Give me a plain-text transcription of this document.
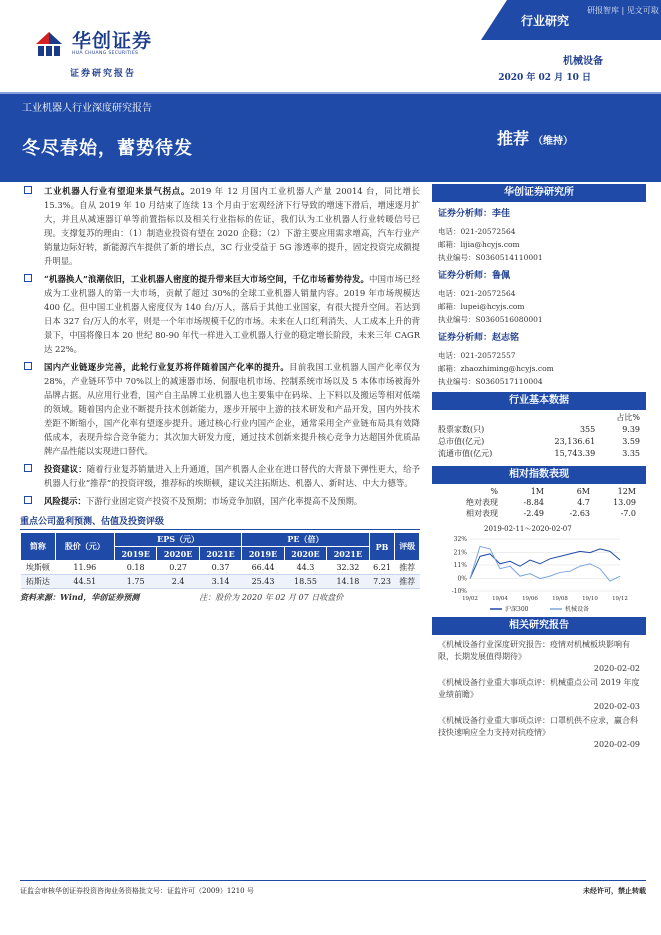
华创证券
HUA CHUANG SECURITIES
证券研究报告
行业研究
研报智库 | 见文可取
机械设备
2020 年 02 月 10 日
工业机器人行业深度研究报告
冬尽春始，蓄势待发	推荐 （维持）
工业机器人行业有望迎来景气拐点。2019 年 12 月国内工业机器人产量 20014 台，同比增长 15.3%。自从 2019 年 10 月结束了连续 13 个月由于宏观经济下行导致的增速下滑后，增速逐月扩大，并且从减速器订单等前置指标以及相关行业指标的佐证，我们认为工业机器人行业转暖信号已现。支撑复苏的理由：（1）制造业投资有望在 2020 企稳；（2）下游主要应用需求增高，汽车行业产销量边际好转，新能源汽车提供了新的增长点，3C 行业受益于 5G 渗透率的提升，固定投资完成额提升明显。
“机器换人”浪潮依旧，工业机器人密度的提升带来巨大市场空间，千亿市场蓄势待发。中国市场已经成为工业机器人的第一大市场，贡献了超过 30%的全球工业机器人销量内容。2019 年市场规模达 400 亿。但中国工业机器人密度仅为 140 台/万人，落后于其他工业国家，有很大提升空间。若达到日本 327 台/万人的水平，则是一个年市场规模千亿的市场。未来在人口红利消失、人工成本上升的背景下，中国将像日本 20 世纪 80-90 年代一样进入工业机器人行业的稳定增长阶段，未来三年 CAGR 达 22%。
国内产业链逐步完善，此轮行业复苏将伴随着国产化率的提升。目前我国工业机器人国产化率仅为 28%，产业链环节中 70%以上的减速器市场、伺服电机市场、控制系统市场以及 5 本体市场被海外品牌占据。从应用行业看，国产自主品牌工业机器人也主要集中在码垛、上下料以及搬运等相对低端的领域。随着国内企业不断提升技术创新能力，逐步开展中上游的技术研发和产品开发，国内外技术差距不断缩小，国产化率有望逐步提升。通过核心行业内国产企业，通常采用全产业链布局具有效降低成本，表现升综合竞争能力；其次加大研发力度，通过技术创新来提升核心竞争力达超国外优质品牌产品性能以实现进口替代。
投资建议：随着行业复苏销量进入上升通道，国产机器人企业在进口替代的大背景下弹性更大，给予机器人行业“推荐”的投资评级，推荐标的埃斯顿，建议关注拓斯达、机器人、新时达、中大力德等。
风险提示：下游行业固定资产投资不及预期；市场竞争加剧，国产化率提高不及预期。
重点公司盈利预测、估值及投资评级
简称	股价（元）	EPS（元）			PE（倍）			PB	评级
		2019E	2020E	2021E	2019E	2020E	2021E		
埃斯顿	11.96	0.18	0.27	0.37	66.44	44.3	32.32	6.21	推荐
拓斯达	44.51	1.75	2.4	3.14	25.43	18.55	14.18	7.23	推荐
资料来源：Wind，华创证券预测	注：股价为 2020 年 02 月 07 日收盘价
华创证券研究所
证券分析师：李佳
电话：021-20572564
邮箱：lijia@hcyjs.com
执业编号：S0360514110001
证券分析师：鲁佩
电话：021-20572564
邮箱：lupei@hcyjs.com
执业编号：S0360516080001
证券分析师：赵志铭
电话：021-20572557
邮箱：zhaozhiming@hcyjs.com
执业编号：S0360517110004
行业基本数据
占比%
股票家数(只)	355	9.39
总市值(亿元)	23,136.61	3.59
流通市值(亿元)	15,743.39	3.35
相对指数表现
%	1M	6M	12M
绝对表现	-8.84	4.7	13.09
相对表现	-2.49	-2.63	-7.0
2019-02-11～2020-02-07
32%
21%
11%
0%
-10%
19/02	19/04	19/06	19/08	19/10	19/12
沪深300	机械设备
相关研究报告
《机械设备行业深度研究报告：疫情对机械板块影响有限，长期发展值得期待》
2020-02-02
《机械设备行业重大事项点评：机械重点公司 2019 年度业绩前瞻》
2020-02-03
《机械设备行业重大事项点评：口罩机供不应求，赢合科技快速响应全力支持对抗疫情》
2020-02-09
证监会审核华创证券投资咨询业务资格批文号：证监许可（2009）1210 号	未经许可，禁止转载
